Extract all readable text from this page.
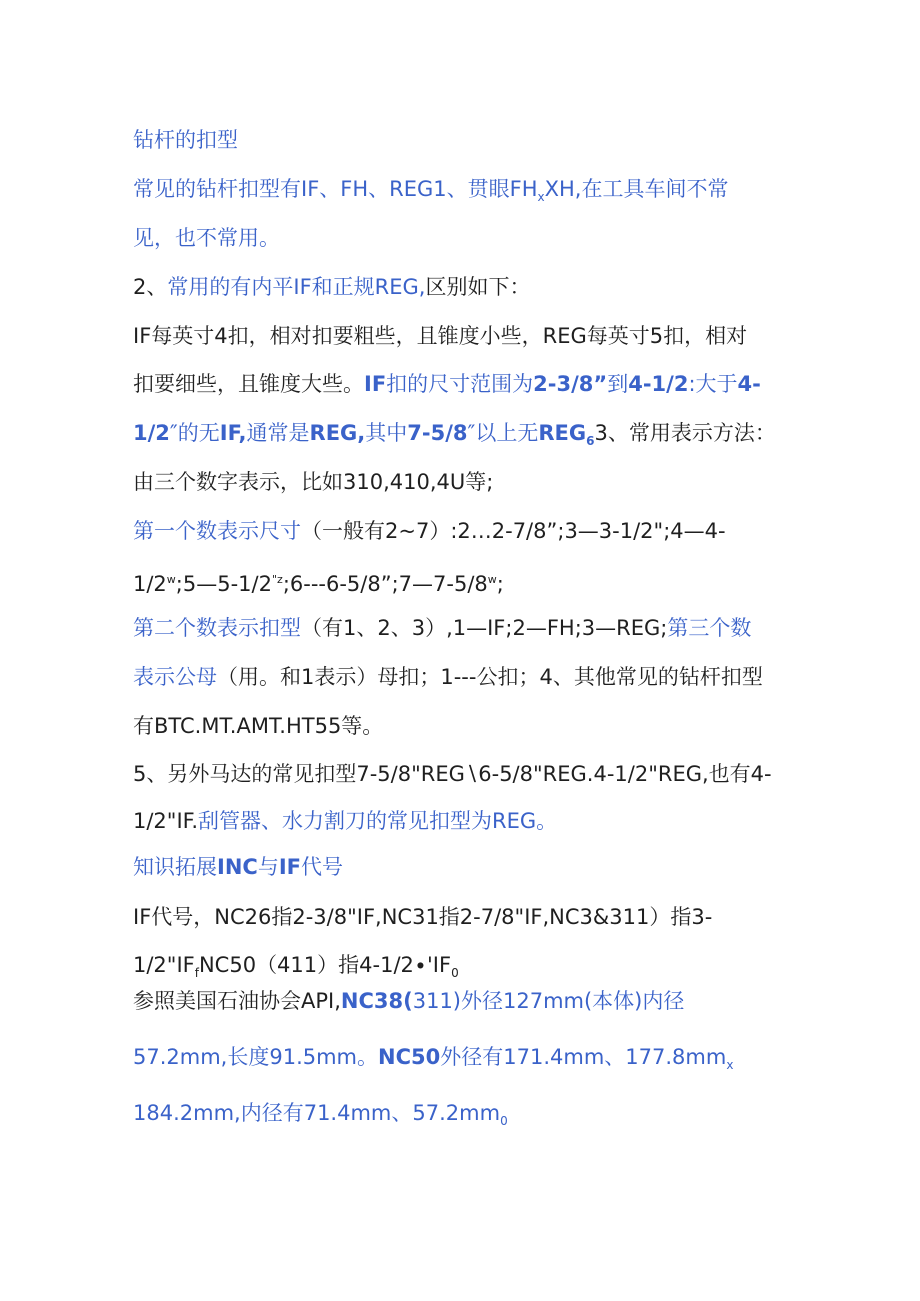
钻杆的扣型
常见的钻杆扣型有IF、FH、REG1、贯眼$FH_xXH$,在工具车间不常
见，也不常用。
2、常用的有内平IF和正规REG,区别如下：
IF每英寸4扣，相对扣要粗些，且锥度小些，REG每英寸5扣，相对
扣要细些，且锥度大些。IF扣的尺寸范围为2-3/8”到4-1/2:大于4-
1/2″的无IF,通常是REG,其中7-5/8″以上无$REG_63$、常用表示方法：
由三个数字表示，比如310,410,4U等;
第一个数表示尺寸（一般有2~7）:2…2-7/8”;3—3-1/2";4—4-
$1∕2^w;5—5-1∕2^{"z};6---6-5/8”;7—7-5∕8^w$;
第二个数表示扣型（有1、2、3）,1—IF;2—FH;3—REG;第三个数
表示公母（用。和1表示）母扣；1---公扣；4、其他常见的钻杆扣型
有BTC.MT.AMT.HT55等。
5、另外马达的常见扣型7-5∕8"REG∖6-5∕8"REG.4-1/2"REG,也有4-
1∕2"IF.刮管器、水力割刀的常见扣型为REG。
知识拓展INC与IF代号
IF代号，NC26指2-3/8"IF,NC31指2-7/8"IF,NC3&311）指3-
$1/2"IF_fNC50(411)$指$4-1/2\cdot'IF_0$
参照美国石油协会API,NC38(311)外径127mm(本体)内径
57.2mm,长度91.5mm。NC50外径有171.4mm、$177.8mm_x$
184.2mm,内径有71.4mm、$57.2mm_0$
